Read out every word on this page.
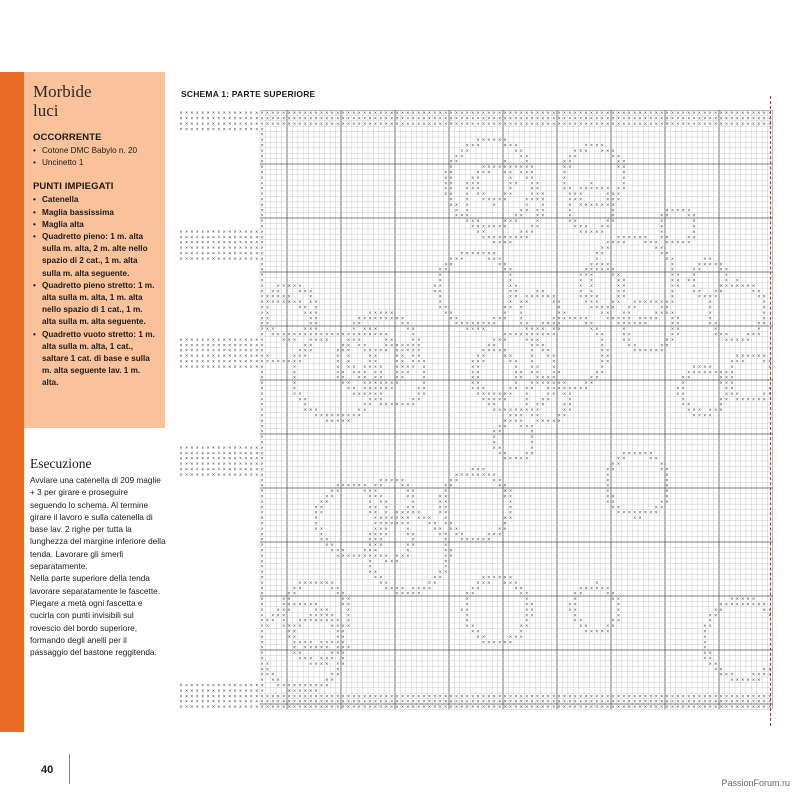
Morbide
luci
OCCORRENTE
• Cotone DMC Babylo n. 20
• Uncinetto 1
PUNTI IMPIEGATI
• Catenella
• Maglia bassissima
• Maglia alta
• Quadretto pieno: 1 m. alta sulla m. alta, 2 m. alte nello spazio di 2 cat., 1 m. alta sulla m. alta seguente.
• Quadretto pieno stretto: 1 m. alta sulla m. alta, 1 m. alta nello spazio di 1 cat., 1 m. alta sulla m. alta seguente.
• Quadretto vuoto stretto: 1 m. alta sulla m. alta, 1 cat., saltare 1 cat. di base e sulla m. alta seguente lav. 1 m. alta.
Esecuzione

Avviare una catenella di 209 maglie + 3 per girare e proseguire seguendo lo schema. Al termine girare il lavoro e sulla catenella di base lav. 2 righe per tutta la lunghezza del margine inferiore della tenda. Lavorare gli smerli separatamente.

Nella parte superiore della tenda lavorare separatamente le fascette. Piegare a metà ogni fascetta e cucirla con punti invisibili sul rovescio del bordo superiore, formando degli anelli per il passaggio del bastone reggitenda.

SCHEMA 1: PARTE SUPERIORE
× × × × × × × × × × × × × × ×
× × × × × × × × × × × × × × ×
× × × × × × × × × × × × × × ×
× × × × × × × × × × × × × × ×
× × × × × × × × × × × × × × ×
× × × × × × × × × × × × × × ×
× × × × × × × × × × × × × × ×
× × × × × × × × × × × × × × ×
× × × × × × × × × × × × × × ×
× × × × × × × × × × × × × × ×
× × × × × × × × × × × × × × ×
× × × × × × × × × × × × × × ×
× × × × × × × × × × × × × × ×
× × × × × × × × × × × × × × ×
× × × × × × × × × × × × × × ×
× × × × × × × × × × × × × × ×
× × × × × × × × × × × × × × ×
× × × × × × × × × × × × × × ×
× × × × × × × × × × × × × × ×
× × × × × × × × × × × × × × ×
× × × × × × × × × × × × × × ×
× × × × × × × × × × × × × × ×
× × × × × × × × × × × × × × ×
× × × × × × × × × × × × × × ×
× × × × × × × × × × × × × × ×
× × × × × × × × × × × × × × ×
× × × × × × × × × × × × × × ×
× × × × × × × × × × × × × × × × × × × × × × × × × × × × × × × × × × × × × × × × × × × × × × × × × × × × × × × × × × × × × × × × × × × × × × × × × × × × × × × × × × × × × × × × × × × × × × ×
× × × × × × × × × × × × × × × × × × × × × × × × × × × × × × × × × × × × × × × × × × × × × × × × × × × × × × × × × × × × × × × × × × × × × × × × × × × × × × × × × × × × × × × × × × × × × × ×
× × × × × × × × × × × × × × × × × × × × × × × × × × × × × × × × × × × × × × × × × × × × × × × × × × × × × × × × × × × × × × × × × × × × × × × × × × × × × × × × × × × × × × × × × × × × × × ×
×
×
×	× × × × × ×
×	× × ×	× × ×	× × × ×
×	× ×	× ×	× × ×	× × ×
×	× ×	× ×	× ×	× ×
×	× ×	×	×	× ×	× ×
×	×	× × × × × × × × × ×	× ×	× ×
×	× ×	× × ×	× × × × ×	×	×
×	× ×	× ×	×	× ×	×	×
×	× ×	× × ×	× ×	× ×	×	×	×
×	× ×	× × ×	×	× ×	× × × × × × × × × ×
×	× ×	× × ×	× ×	× × ×	× × ×	× × ×
×	×	×	× × × × ×	× × × ×	× × ×	× × ×
×	× × ×	×	×	×	× × × × × × × ×
×	× ×	× × × ×	×	×	× × × × ×
×	× × ×	× ×	× ×	×	×	× ×	× ×
×	× × ×	× × ×	×	× ×	× ×	×	×
×	× × × × × × ×	× ×	× × ×	× ×	×	×
×	× ×	× × ×	× × × × ×	×	×
×	× × × × × × × × ×	× × × × × ×	× ×	× ×
×	× × × ×	× × × ×	× × × × × × × ×
×	× ×	× ×
×	× × × × × × ×	× ×	× ×
×	× × ×	× × ×	×	× ×	× ×
×	× ×	× ×	× × × ×	×	× × × × ×
×	× ×	× ×	× × × × × ×	×	× ×	× ×
×	×	×	× × ×	× ×	× ×	×	×
×	×	×	× ×	× ×	× × × ×	× ×
×	× × × × ×	× ×	× ×	× ×	× ×	× ×	×	× × × × × × ×
× × ×	× × ×	× ×	× ×	× ×	× ×	× ×	×	× ×	× ×	× ×
× × × × × ×	×	×	× × × × × × × ×	× × × ×	× ×	×	× × × ×	× ×
× × × × × × × × × ×	×	× × ×	× ×	× × ×	× ×	× × × × × × × ×	×	×
× ×	× × ×	× ×	× × ×	×	× × × × ×	× ×	× ×	×	×
× ×	× × ×	× × × × ×	× ×	×	×	× ×	× ×	× ×	× × × ×	×	×
× ×	× ×	× × × × × × × × ×	× ×	× × ×	×	× × × × × × ×	× × × × × × × × ×	× ×	×	×
× ×	× ×	× ×	× ×	× × × × × × × ×	× ×	× × × ×	× ×	× × × × × ×	× ×	× ×	× ×
× × ×	× × ×	× × × ×	× ×	× × × ×	× × × × × ×	× ×	×	× ×	×	×
× × × × × × × × × × × × × × × × × × × × × × ×	×	× × × × × × × × × ×	× ×	× ×	× ×	× × ×	× × ×
×	× × ×	× × × ×	× × ×	× ×	× ×	× × ×	× × ×	×	× ×	× ×	× × × × ×
×	× ×	× × × ×	× × × × × × ×	× ×	× × ×	×	× ×	× ×
×	× × ×	× × ×	× × × × × × × × × ×	× × × × ×	× × ×	× ×	× × × × × ×
× ×	× × ×	× ×	× ×	× × × ×	× ×	× ×	×	× ×	× ×	× × × × × ×
× × × × × × × ×	× ×	× ×	× × × × ×	× × ×	× ×	×	×	× ×	× × ×	× ×
×	×	× × × × × × ×	× × × × ×	× ×	×	× ×	×	×	× × × ×	×	×
×	×	× × × × × × ×	× × ×	×	× ×	× × × ×	× ×	× ×	× × × × × × × × ×
×	×	× ×	× × × ×	× ×	×	× ×	× ×	× × × ×	× ×	× ×	× × ×
×	×	× ×	× × × × × × ×	×	× ×	×	× × × × × × ×	× ×	×	× × ×
×	×	× × × × × × × ×	× ×	× × ×	× × × ×	× × × × × × × ×	× ×	× ×	×
×	× ×	× × × × × ×	× ×	× × × × × × ×	×	× × × ×	× ×	× × ×	× ×
×	× ×	× × ×	× ×	× × × × ×	×	× ×	×	×	× × × × × × × ×
×	×	× × × × × × × × ×	× ×	× × ×	× ×	× ×	×
×	× × ×	× ×	× × × × × × × × ×	× ×	× × × × × ×
×	× × × × × × × × ×	× × × × ×	× ×	× × × ×
×	× × × × ×	× × × ×	× × × × ×
×	× ×	× × ×
×	× ×	×
×	×	×
×	×	×
×	× ×	×
×	× ×	× ×	× × × × × ×
×	× × × × ×	× ×	× ×
×	× ×	×
×	× × ×	× ×	× ×
×	× × × × × × × ×	×	×
×	× × × × ×	× ×	× ×	×	×
×	× × × × × × × ×	× ×	× ×	× ×	×	×
×	× ×	× × ×	× ×	×	× ×	×	×
×	× ×	× × ×	× ×	× ×	× ×	× ×	×
×	× ×	× × ×	×	× ×	×	× ×	× ×
×	× ×	× × ×	× ×	× ×	×	× ×	× ×
×	× ×	× × × × × × × ×	× ×	×	× × × × × × × ×
×	×	× × × × × × × × × ×	×	× ×	× ×
×	×	× × × × × × ×	× × × ×	×
×	× ×	× × ×	×	× × × ×	× ×
×	×	× × × ×	× ×	× × × ×	× × ×
×	× ×	× × ×	×	×	× × × × × ×
×	× ×	× × ×	× ×	×
×	× × ×	× × ×	×	× ×
×	× × × × × × × × × × × × ×	× ×
×	×	× × ×	×
×	×	×
×	× ×	× ×
×	× ×	× ×	× × × × × ×
×	× × × × × × ×	× ×	× ×	× × ×	× × ×	×
×	× ×	× ×	× × × × × × × ×	× ×	× ×	× × × × × ×
×	× ×	× ×	× × × × ×	× ×	× ×	× ×	× ×
×	× ×	× ×	×	×	×	× ×	× × × × ×
×	× × × × × × ×	× ×	×	× ×	× ×	×	× × × × × × × × ×
×	× × ×	× × ×	×	× ×	× ×	× ×	×	× ×	× ×
× × × ×	× × × × ×	×	×	× ×	×	×	× ×	×
× × × ×	× × × × × × × × ×	×	×	× ×	× ×	×
× ×	× × × ×	× × × ×	× ×	× ×	× ×	× ×	× ×
×	× ×	× ×	× ×	×	× × × × ×	×
×	× ×	× ×	× ×	× × ×	×
×	× × × × × × × × ×	× × × × × ×	×
×	× × × × × × × × ×	×
×	× ×	× × ×	× ×
×	× × × × × × ×	× ×
× ×	× × × × × ×	× ×
× ×	×	× ×	× ×
× × ×	× ×	× × ×	× × × ×
× × ×	× ×	× × × × × ×
×	× × × × × × × × × ×
×	× × × × × ×
× × × × × × × × × × × × × × × × × × × × × × × × × × × × × × × × × × × × × × × × × × × × × × × × × × × × × × × × × × × × × × × × × × × × × × × × × × × × × × × × × × × × × × × × × × × × × × ×
× × × × × × × × × × × × × × × × × × × × × × × × × × × × × × × × × × × × × × × × × × × × × × × × × × × × × × × × × × × × × × × × × × × × × × × × × × × × × × × × × × × × × × × × × × × × × × ×
× × × × × × × × × × × × × × × × × × × × × × × × × × × × × × × × × × × × × × × × × × × × × × × × × × × × × × × × × × × × × × × × × × × × × × × × × × × × × × × × × × × × × × × × × × × × × × ×
40
PassionForum.ru
